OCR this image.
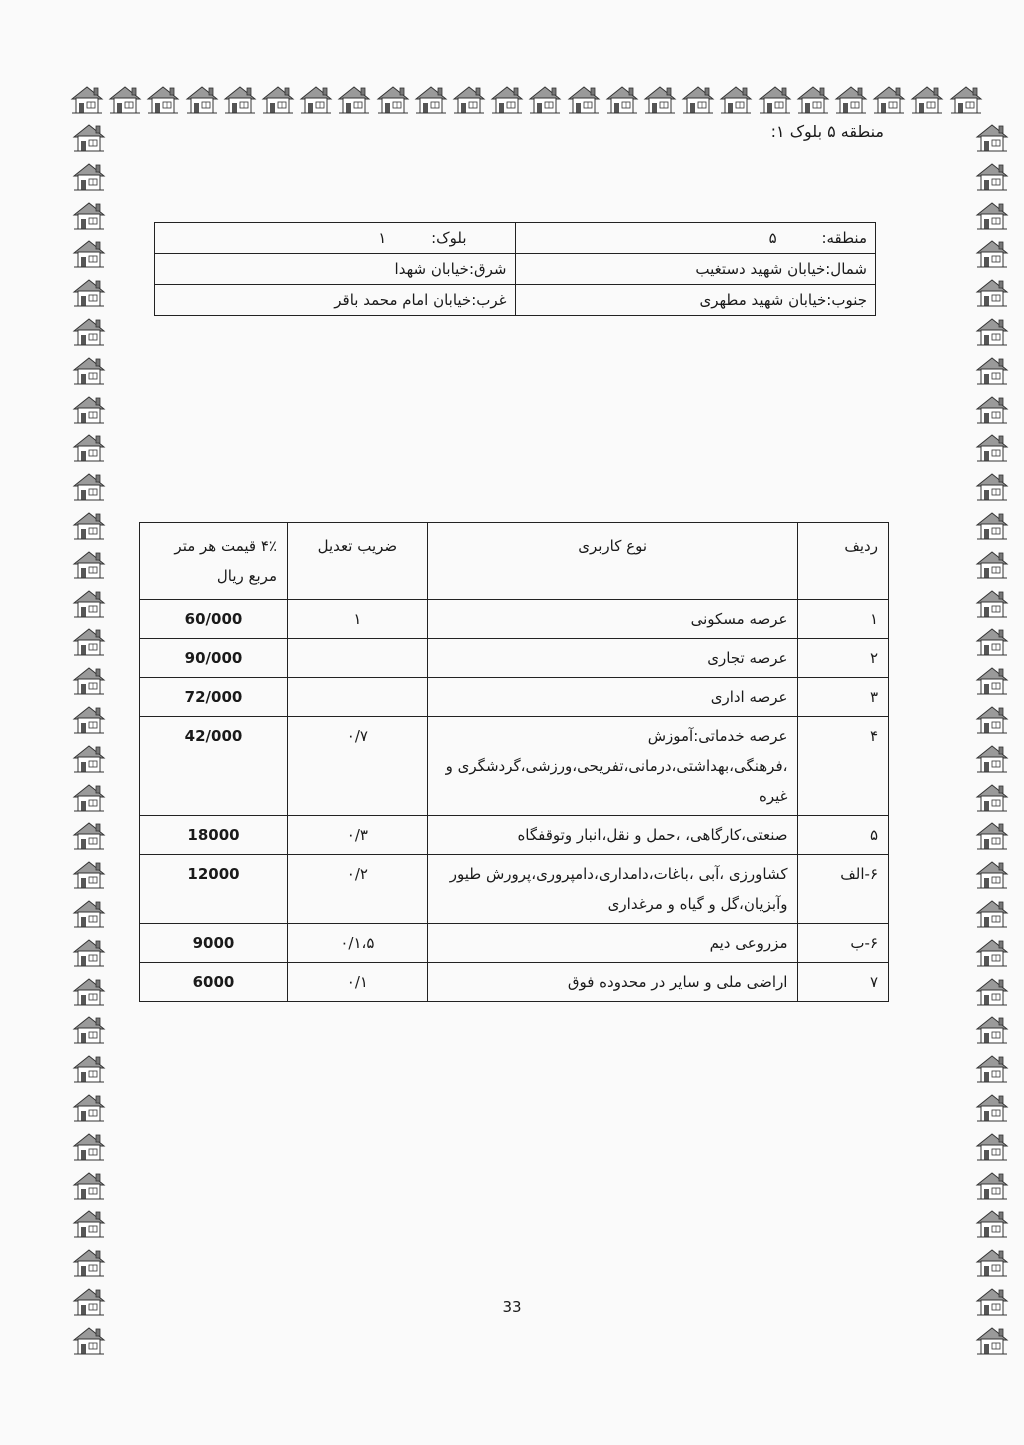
منطقه ۵ بلوک ۱:
منطقه: ۵	بلوک: ۱
شمال:خیابان شهید دستغیب	شرق:خیابان شهدا
جنوب:خیابان شهید مطهری	غرب:خیابان امام محمد باقر
ردیف	نوع کاربری	ضریب تعدیل	۴٪ قیمت هر متر مربع ریال
۱	عرصه مسکونی	۱	60/000
۲	عرصه تجاری		90/000
۳	عرصه اداری		72/000
۴	عرصه خدماتی:آموزش ،فرهنگی،بهداشتی،درمانی،تفریحی،ورزشی،گردشگری و غیره	۰/۷	42/000
۵	صنعتی،کارگاهی، ،حمل و نقل،انبار وتوقفگاه	۰/۳	18000
۶-الف	کشاورزی ،آبی ،باغات،دامداری،دامپروری،پرورش طیور وآبزیان،گل و گیاه و مرغداری	۰/۲	12000
۶-ب	مزروعی دیم	۰/۱،۵	9000
۷	اراضی ملی و سایر در محدوده فوق	۰/۱	6000
33
